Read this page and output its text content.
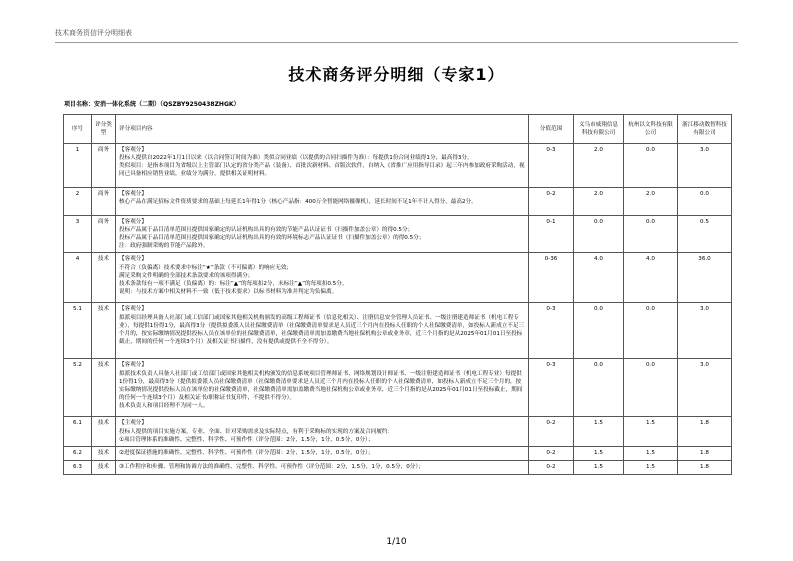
技术商务资信评分明细表
技术商务评分明细（专家1）
项目名称：安消一体化系统（二期）（QSZBY9250438ZHGK）
序号	评分类型	评分项目内容	分值范围	义乌市威翔信息科技有限公司	杭州以文科技有限公司	浙江移动数智科技有限公司
1	商务	【客观分】
投标人提供自2022年1月1日以来（以合同签订时间为准）类似合同业绩（以提供的合同扫描件为准）：每提供1份合同业绩得1分，最高得3分。
类似项目：是指本项目为省级以上主管部门认定的省分类产品（装备）、首批次新材料、首版次软件，自纳入《省推广应用指导目录》起三年内参加政府采购活动，视同已具备相应销售业绩，业绩分为满分，提供相关证明材料。	0-3	2.0	0.0	3.0
2	商务	【客观分】
核心产品在满足招标文件资质要求的基础上每延长1年得1分（核心产品指：400万全智能网络摄像机），延长时间不足1年不计入得分，最高2分。	0-2	2.0	2.0	0.0
3	商务	【客观分】
投标产品属于品目清单范围且提供国家确定的认证机构出具的有效的节能产品认证证书（扫描件加盖公章）的得0.5分；
投标产品属于品目清单范围且提供国家确定的认证机构出具的有效的环境标志产品认证证书（扫描件加盖公章）的得0.5分；
注：政府强制采购的节能产品除外。	0-1	0.0	0.0	0.5
4	技术	【客观分】
不符合（负偏离）技术要求中标注“★”条款（不可偏离）的响应无效；
满足采购文件明确的全部技术条款要求的该项得满分；
技术条款每有一项不满足（负偏离）的：标注“▲”的每项扣2分，未标注“▲”的每项扣0.5分。
说明：与技术方案中相关材料不一致（低于技术要求）以标书材料为准并判定为负偏离。	0-36	4.0	4.0	36.0
5.1	技术	【客观分】
拟派项目经理具备人社部门或工信部门或国家其他相关机构颁发的高级工程师证书（信息化相关）、注册信息安全管理人员证书、一级注册建造师证书（机电工程专业），每提供1份得1分，最高得3分（提供拟委派人员社保缴费清单（社保缴费清单要求是人员近三个月内在投标人任职的个人社保缴费清单，如投标人新成立不足三个月的，按实际缴纳情况提供投标人员在该单位的社保缴费清单，社保缴费清单需加盖缴费当地社保机构公章或业务章，近三个月指的是从2025年01月01日至投标截止，期间的任何一个连续3个月）及相关证书扫描件，没有提供或提供不全不得分）。	0-3	0.0	0.0	3.0
5.2	技术	【客观分】
拟派技术负责人具备人社部门或工信部门或国家其他相关机构颁发的信息系统项目管理师证书、网络规划设计师证书、一级注册建造师证书（机电工程专业）每提供1份得1分，最高得3分（提供拟委派人员社保缴费清单（社保缴费清单要求是人员近三个月内在投标人任职的个人社保缴费清单，如投标人新成立不足三个月的，按实际缴纳情况提供投标人员在该单位的社保缴费清单，社保缴费清单需加盖缴费当地社保机构公章或业务章，近三个月指的是从2025年01月01日至投标截止，期间的任何一个连续3个月）及相关证书/职称证书复印件，不提供不得分）。
技术负责人和项目经理不为同一人。	0-3	0.0	0.0	3.0
6.1	技术	【主观分】
投标人提供的项目实施方案，专业、全面、针对采购需求及实际特点，有利于采购标的实现的方案及合同履约：
①项目管理体系的准确性、完整性、科学性、可预作性（评分范围：2分，1.5分，1分，0.5分，0分）；	0-2	1.5	1.5	1.8
6.2	技术	②进度保证措施的准确性、完整性、科学性、可预作性（评分范围：2分，1.5分，1分，0.5分，0分）；	0-2	1.5	1.5	1.8
6.3	技术	③工作程序和步骤、管理和协调方法的准确性、完整性、科学性、可预作性（评分范围：2分，1.5分，1分，0.5分，0分）；	0-2	1.5	1.5	1.8
1/10
